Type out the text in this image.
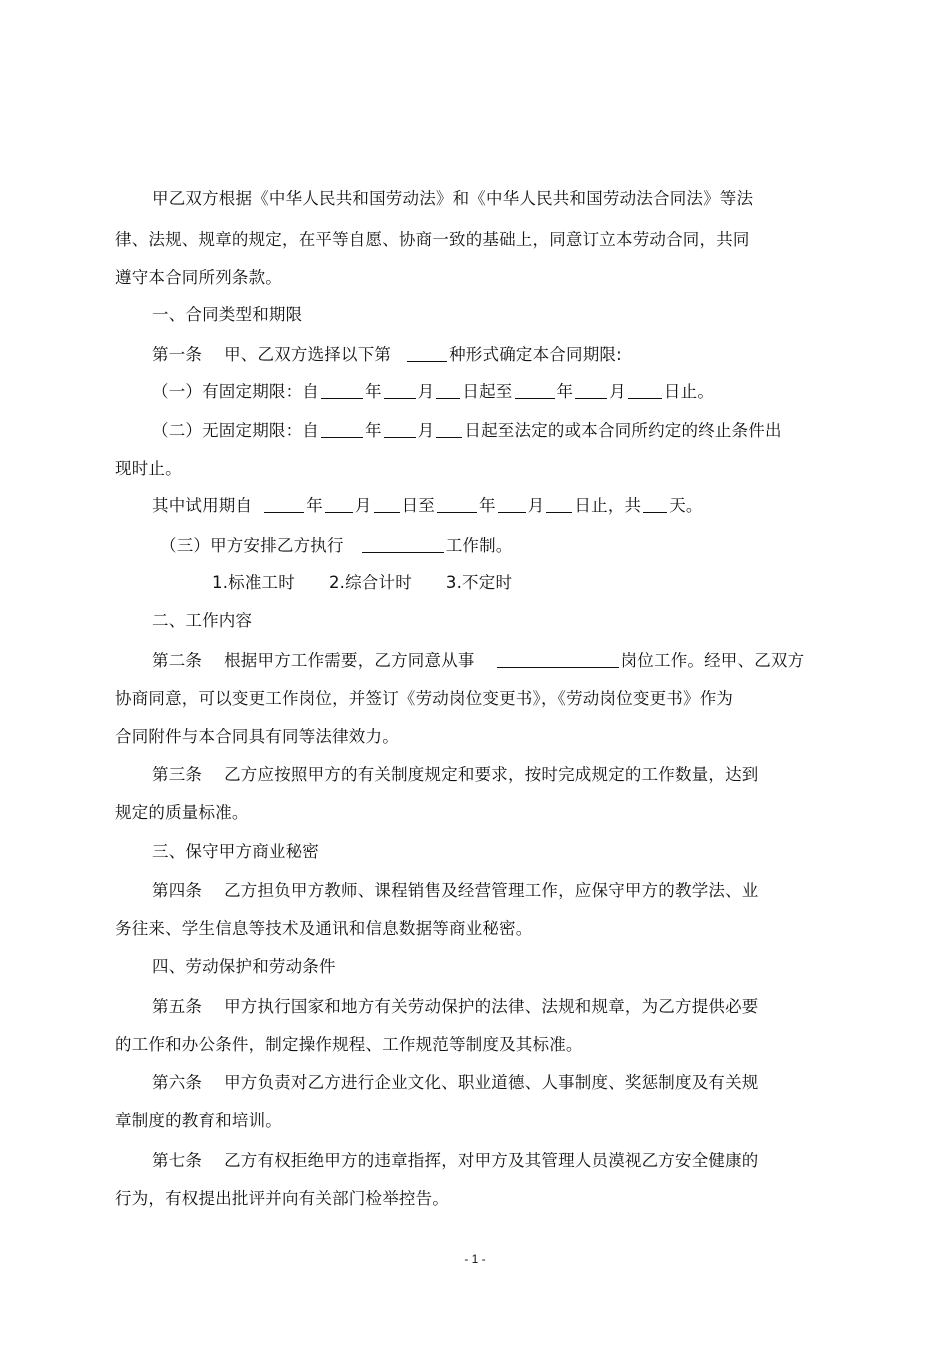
甲乙双方根据《中华人民共和国劳动法》和《中华人民共和国劳动法合同法》等法
律、法规、规章的规定，在平等自愿、协商一致的基础上，同意订立本劳动合同，共同
遵守本合同所列条款。
一、合同类型和期限
第一条 甲、乙双方选择以下第	种形式确定本合同期限:
（一）有固定期限：自	年 月 日起至	年 月 日止。
（二）无固定期限：自	年 月 日起至法定的或本合同所约定的终止条件出
现时止。
其中试用期自	年 月 日至	年 月 日止，共 天。
（三）甲方安排乙方执行	工作制。
1.标准工时 2.综合计时 3.不定时
二、工作内容
第二条 根据甲方工作需要，乙方同意从事	岗位工作。经甲、乙双方
协商同意，可以变更工作岗位，并签订《劳动岗位变更书》，《劳动岗位变更书》作为
合同附件与本合同具有同等法律效力。
第三条 乙方应按照甲方的有关制度规定和要求，按时完成规定的工作数量，达到
规定的质量标准。
三、保守甲方商业秘密
第四条 乙方担负甲方教师、课程销售及经营管理工作，应保守甲方的教学法、业
务往来、学生信息等技术及通讯和信息数据等商业秘密。
四、劳动保护和劳动条件
第五条 甲方执行国家和地方有关劳动保护的法律、法规和规章，为乙方提供必要
的工作和办公条件，制定操作规程、工作规范等制度及其标准。
第六条 甲方负责对乙方进行企业文化、职业道德、人事制度、奖惩制度及有关规
章制度的教育和培训。
第七条 乙方有权拒绝甲方的违章指挥，对甲方及其管理人员漠视乙方安全健康的
行为，有权提出批评并向有关部门检举控告。
- 1 -
